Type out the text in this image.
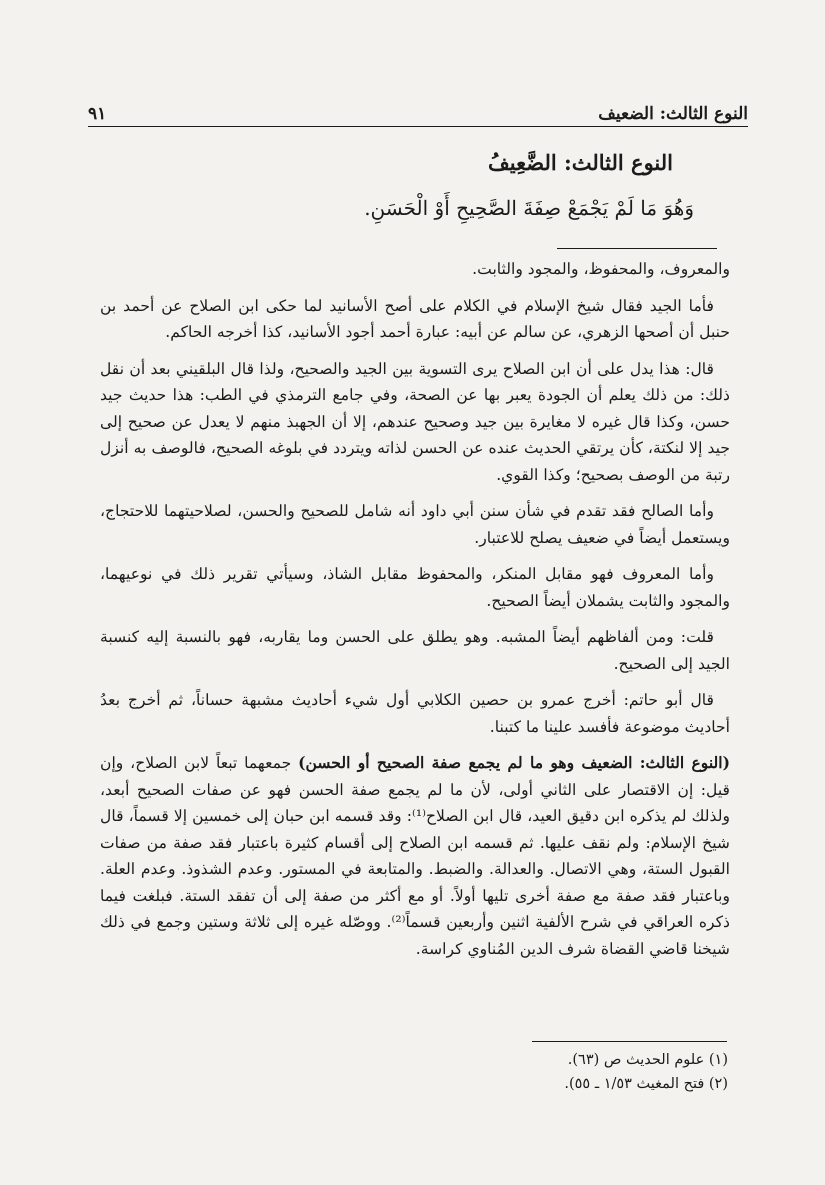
النوع الثالث: الضعيف
٩١
النوع الثالث: الضَّعِيفُ
وَهُوَ مَا لَمْ يَجْمَعْ صِفَةَ الصَّحِيحِ أَوْ الْحَسَنِ.

والمعروف، والمحفوظ، والمجود والثابت.

فأما الجيد فقال شيخ الإسلام في الكلام على أصح الأسانيد لما حكى ابن الصلاح عن أحمد بن حنبل أن أصحها الزهري، عن سالم عن أبيه: عبارة أحمد أجود الأسانيد، كذا أخرجه الحاكم.

قال: هذا يدل على أن ابن الصلاح يرى التسوية بين الجيد والصحيح، ولذا قال البلقيني بعد أن نقل ذلك: من ذلك يعلم أن الجودة يعبر بها عن الصحة، وفي جامع الترمذي في الطب: هذا حديث جيد حسن، وكذا قال غيره لا مغايرة بين جيد وصحيح عندهم، إلا أن الجهبذ منهم لا يعدل عن صحيح إلى جيد إلا لنكتة، كأن يرتقي الحديث عنده عن الحسن لذاته ويتردد في بلوغه الصحيح، فالوصف به أنزل رتبة من الوصف بصحيح؛ وكذا القوي.

وأما الصالح فقد تقدم في شأن سنن أبي داود أنه شامل للصحيح والحسن، لصلاحيتهما للاحتجاج، ويستعمل أيضاً في ضعيف يصلح للاعتبار.

وأما المعروف فهو مقابل المنكر، والمحفوظ مقابل الشاذ، وسيأتي تقرير ذلك في نوعيهما، والمجود والثابت يشملان أيضاً الصحيح.

قلت: ومن ألفاظهم أيضاً المشبه. وهو يطلق على الحسن وما يقاربه، فهو بالنسبة إليه كنسبة الجيد إلى الصحيح.

قال أبو حاتم: أخرج عمرو بن حصين الكلابي أول شيء أحاديث مشبهة حساناً، ثم أخرج بعدُ أحاديث موضوعة فأفسد علينا ما كتبنا.

(النوع الثالث: الضعيف وهو ما لم يجمع صفة الصحيح أو الحسن) جمعهما تبعاً لابن الصلاح، وإن قيل: إن الاقتصار على الثاني أولى، لأن ما لم يجمع صفة الحسن فهو عن صفات الصحيح أبعد، ولذلك لم يذكره ابن دقيق العيد، قال ابن الصلاح⁽¹⁾: وقد قسمه ابن حبان إلى خمسين إلا قسماً، قال شيخ الإسلام: ولم نقف عليها. ثم قسمه ابن الصلاح إلى أقسام كثيرة باعتبار فقد صفة من صفات القبول الستة، وهي الاتصال. والعدالة. والضبط. والمتابعة في المستور. وعدم الشذوذ. وعدم العلة. وباعتبار فقد صفة مع صفة أخرى تليها أولاً. أو مع أكثر من صفة إلى أن تفقد الستة. فبلغت فيما ذكره العراقي في شرح الألفية اثنين وأربعين قسماً⁽²⁾. ووصّله غيره إلى ثلاثة وستين وجمع في ذلك شيخنا قاضي القضاة شرف الدين المُناوي كراسة.

(١) علوم الحديث ص (٦٣).
(٢) فتح المغيث ١/٥٣ ـ ٥٥).
